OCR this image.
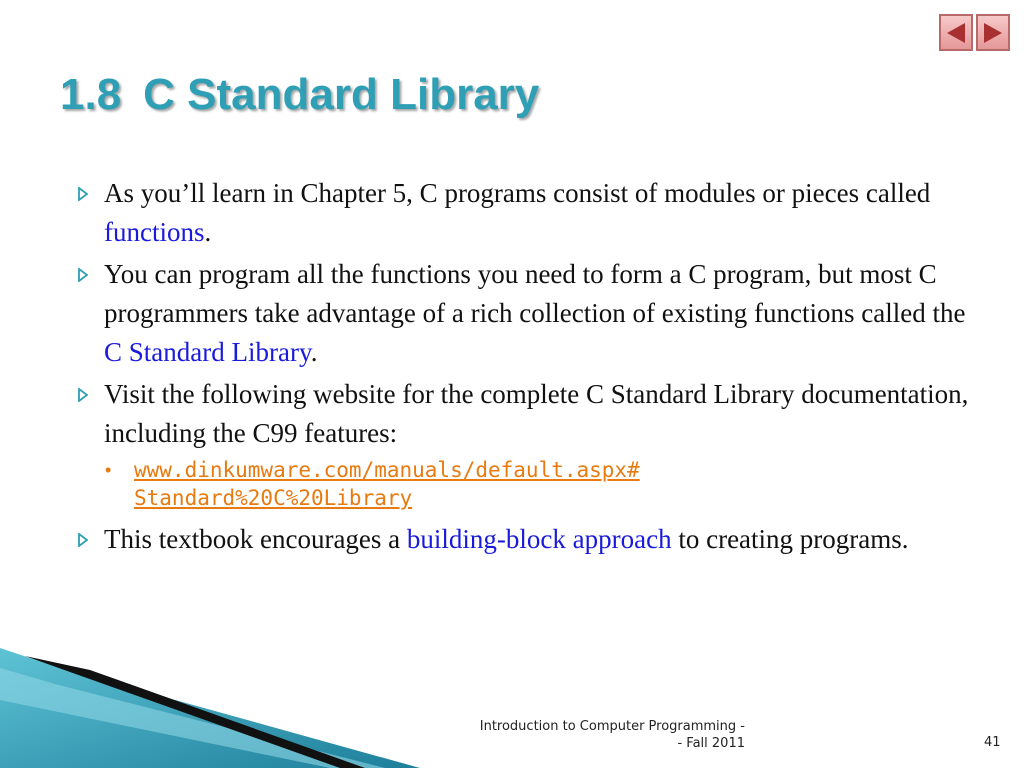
1.8 C Standard Library
As you’ll learn in Chapter 5, C programs consist of modules or pieces called functions.
You can program all the functions you need to form a C program, but most C programmers take advantage of a rich collection of existing functions called the C Standard Library.
Visit the following website for the complete C Standard Library documentation, including the C99 features:
• www.dinkumware.com/manuals/default.aspx#
Standard%20C%20Library
This textbook encourages a building-block approach to creating programs.
Introduction to Computer Programming -
- Fall 2011	41
